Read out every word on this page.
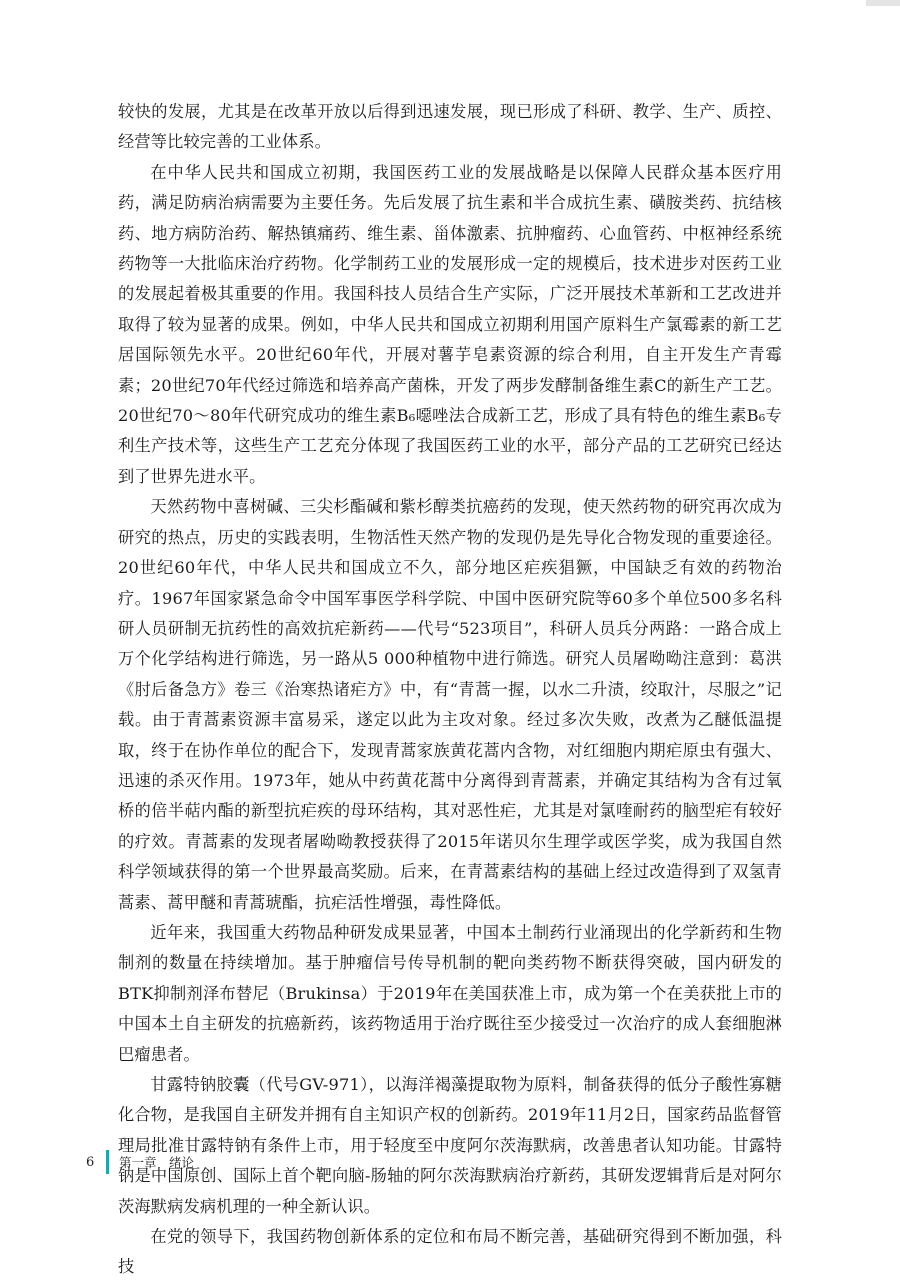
较快的发展，尤其是在改革开放以后得到迅速发展，现已形成了科研、教学、生产、质控、经营等比较完善的工业体系。

在中华人民共和国成立初期，我国医药工业的发展战略是以保障人民群众基本医疗用药，满足防病治病需要为主要任务。先后发展了抗生素和半合成抗生素、磺胺类药、抗结核药、地方病防治药、解热镇痛药、维生素、甾体激素、抗肿瘤药、心血管药、中枢神经系统药物等一大批临床治疗药物。化学制药工业的发展形成一定的规模后，技术进步对医药工业的发展起着极其重要的作用。我国科技人员结合生产实际，广泛开展技术革新和工艺改进并取得了较为显著的成果。例如，中华人民共和国成立初期利用国产原料生产氯霉素的新工艺居国际领先水平。20世纪60年代，开展对薯芋皂素资源的综合利用，自主开发生产青霉素；20世纪70年代经过筛选和培养高产菌株，开发了两步发酵制备维生素C的新生产工艺。20世纪70～80年代研究成功的维生素B₆噁唑法合成新工艺，形成了具有特色的维生素B₆专利生产技术等，这些生产工艺充分体现了我国医药工业的水平，部分产品的工艺研究已经达到了世界先进水平。

天然药物中喜树碱、三尖杉酯碱和紫杉醇类抗癌药的发现，使天然药物的研究再次成为研究的热点，历史的实践表明，生物活性天然产物的发现仍是先导化合物发现的重要途径。20世纪60年代，中华人民共和国成立不久，部分地区疟疾猖獗，中国缺乏有效的药物治疗。1967年国家紧急命令中国军事医学科学院、中国中医研究院等60多个单位500多名科研人员研制无抗药性的高效抗疟新药——代号“523项目”，科研人员兵分两路：一路合成上万个化学结构进行筛选，另一路从5 000种植物中进行筛选。研究人员屠呦呦注意到：葛洪《肘后备急方》卷三《治寒热诸疟方》中，有“青蒿一握，以水二升渍，绞取汁，尽服之”记载。由于青蒿素资源丰富易采，遂定以此为主攻对象。经过多次失败，改煮为乙醚低温提取，终于在协作单位的配合下，发现青蒿家族黄花蒿内含物，对红细胞内期疟原虫有强大、迅速的杀灭作用。1973年，她从中药黄花蒿中分离得到青蒿素，并确定其结构为含有过氧桥的倍半萜内酯的新型抗疟疾的母环结构，其对恶性疟，尤其是对氯喹耐药的脑型疟有较好的疗效。青蒿素的发现者屠呦呦教授获得了2015年诺贝尔生理学或医学奖，成为我国自然科学领域获得的第一个世界最高奖励。后来，在青蒿素结构的基础上经过改造得到了双氢青蒿素、蒿甲醚和青蒿琥酯，抗疟活性增强，毒性降低。

近年来，我国重大药物品种研发成果显著，中国本土制药行业涌现出的化学新药和生物制剂的数量在持续增加。基于肿瘤信号传导机制的靶向类药物不断获得突破，国内研发的BTK抑制剂泽布替尼（Brukinsa）于2019年在美国获准上市，成为第一个在美获批上市的中国本土自主研发的抗癌新药，该药物适用于治疗既往至少接受过一次治疗的成人套细胞淋巴瘤患者。

甘露特钠胶囊（代号GV-971），以海洋褐藻提取物为原料，制备获得的低分子酸性寡糖化合物，是我国自主研发并拥有自主知识产权的创新药。2019年11月2日，国家药品监督管理局批准甘露特钠有条件上市，用于轻度至中度阿尔茨海默病，改善患者认知功能。甘露特钠是中国原创、国际上首个靶向脑-肠轴的阿尔茨海默病治疗新药，其研发逻辑背后是对阿尔茨海默病发病机理的一种全新认识。

在党的领导下，我国药物创新体系的定位和布局不断完善，基础研究得到不断加强，科技

6	第一章　绪论
